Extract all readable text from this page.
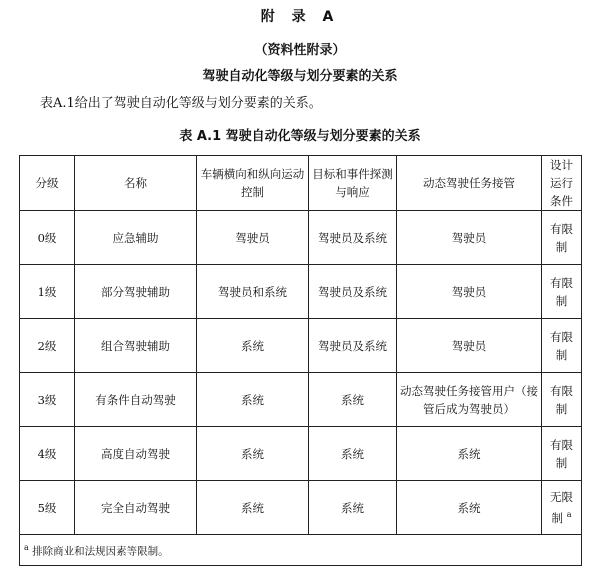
附 录 A
（资料性附录）
驾驶自动化等级与划分要素的关系
表A.1给出了驾驶自动化等级与划分要素的关系。
表 A.1 驾驶自动化等级与划分要素的关系
分级	名称	车辆横向和纵向运动控制	目标和事件探测与响应	动态驾驶任务接管	设计运行条件
0级	应急辅助	驾驶员	驾驶员及系统	驾驶员	有限制
1级	部分驾驶辅助	驾驶员和系统	驾驶员及系统	驾驶员	有限制
2级	组合驾驶辅助	系统	驾驶员及系统	驾驶员	有限制
3级	有条件自动驾驶	系统	系统	动态驾驶任务接管用户（接管后成为驾驶员）	有限制
4级	高度自动驾驶	系统	系统	系统	有限制
5级	完全自动驾驶	系统	系统	系统	无限制 $^a$
$^a$ 排除商业和法规因素等限制。					
